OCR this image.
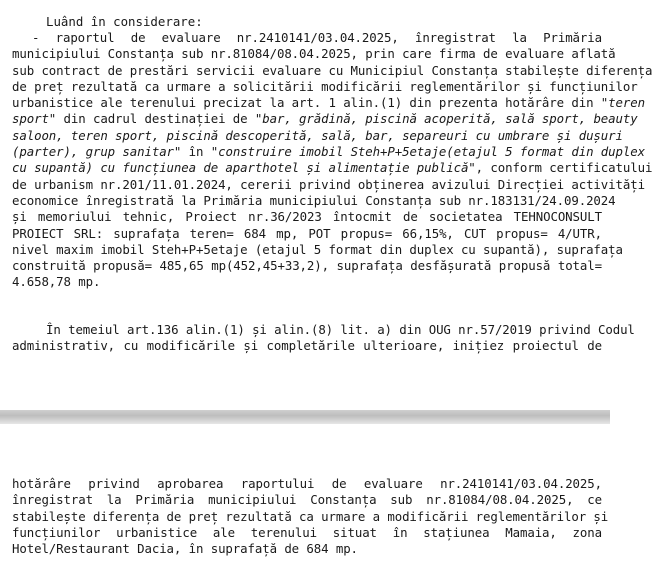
Luând în considerare:
- raportul de evaluare nr.2410141/03.04.2025, înregistrat la Primăria
municipiului Constanța sub nr.81084/08.04.2025, prin care firma de evaluare aflată
sub contract de prestări servicii evaluare cu Municipiul Constanța stabilește diferența
de preț rezultată ca urmare a solicitării modificării reglementărilor și funcțiunilor
urbanistice ale terenului precizat la art. 1 alin.(1) din prezenta hotărâre din "teren
sport" din cadrul destinației de "bar, grădină, piscină acoperită, sală sport, beauty
saloon, teren sport, piscină descoperită, sală, bar, separeuri cu umbrare și dușuri
(parter), grup sanitar" în "construire imobil Steh+P+5etaje(etajul 5 format din duplex
cu supantă) cu funcțiunea de aparthotel și alimentație publică", conform certificatului
de urbanism nr.201/11.01.2024, cererii privind obținerea avizului Direcției activități
economice înregistrată la Primăria municipiului Constanța sub nr.183131/24.09.2024
și memoriului tehnic, Proiect nr.36/2023 întocmit de societatea TEHNOCONSULT
PROIECT SRL: suprafața teren= 684 mp, POT propus= 66,15%, CUT propus= 4/UTR,
nivel maxim imobil Steh+P+5etaje (etajul 5 format din duplex cu supantă), suprafața
construită propusă= 485,65 mp(452,45+33,2), suprafața desfășurată propusă total=
4.658,78 mp.
În temeiul art.136 alin.(1) și alin.(8) lit. a) din OUG nr.57/2019 privind Codul
administrativ, cu modificările și completările ulterioare, inițiez proiectul de
hotărâre privind aprobarea raportului de evaluare nr.2410141/03.04.2025,
înregistrat la Primăria municipiului Constanța sub nr.81084/08.04.2025, ce
stabilește diferența de preț rezultată ca urmare a modificării reglementărilor și
funcțiunilor urbanistice ale terenului situat în stațiunea Mamaia, zona
Hotel/Restaurant Dacia, în suprafață de 684 mp.
